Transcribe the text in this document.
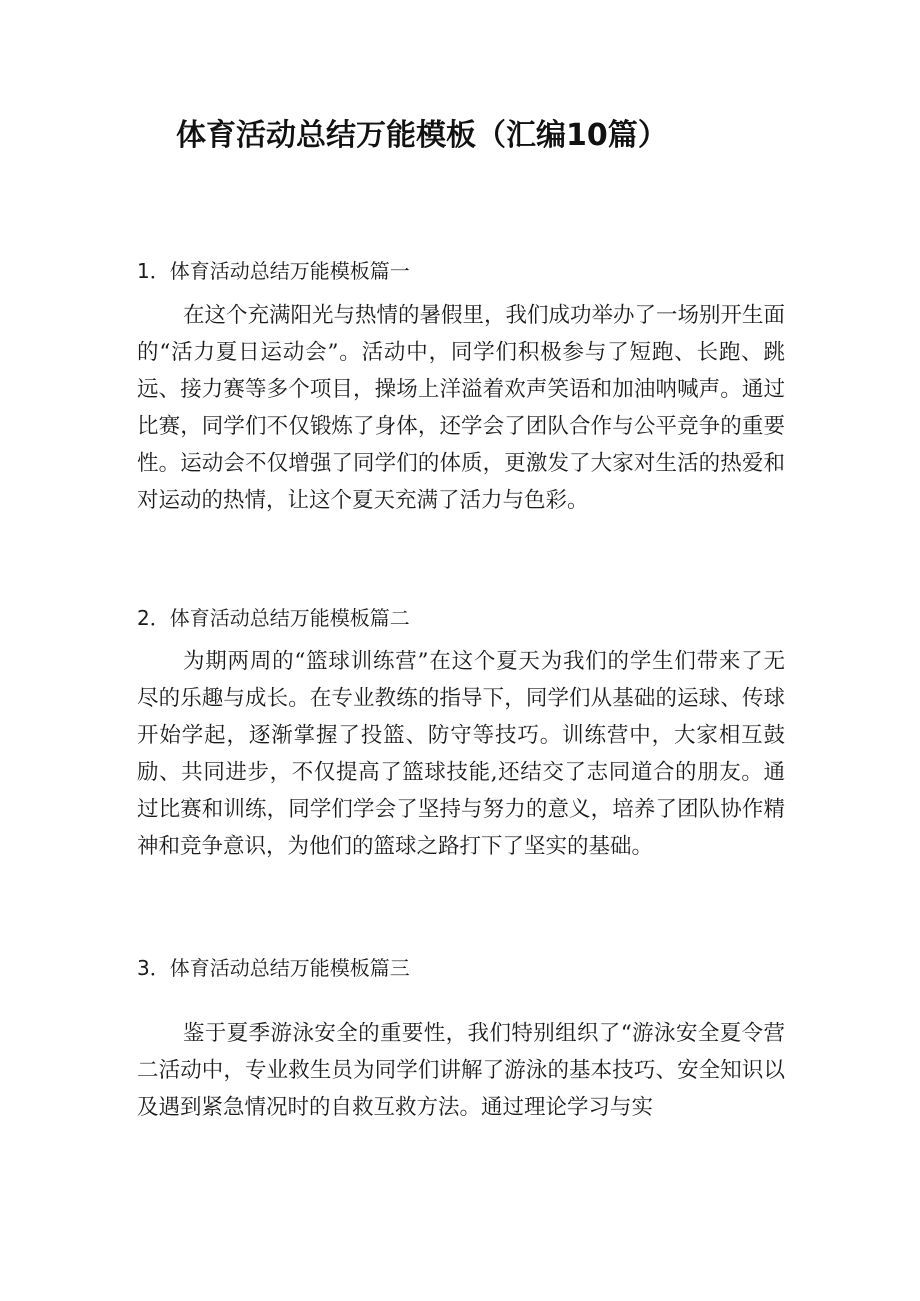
体育活动总结万能模板（汇编10篇）
1．体育活动总结万能模板篇一

在这个充满阳光与热情的暑假里，我们成功举办了一场别开生面的“活力夏日运动会”。活动中，同学们积极参与了短跑、长跑、跳远、接力赛等多个项目，操场上洋溢着欢声笑语和加油呐喊声。通过比赛，同学们不仅锻炼了身体，还学会了团队合作与公平竞争的重要性。运动会不仅增强了同学们的体质，更激发了大家对生活的热爱和对运动的热情，让这个夏天充满了活力与色彩。

2．体育活动总结万能模板篇二

为期两周的“篮球训练营”在这个夏天为我们的学生们带来了无尽的乐趣与成长。在专业教练的指导下，同学们从基础的运球、传球开始学起，逐渐掌握了投篮、防守等技巧。训练营中，大家相互鼓励、共同进步，不仅提高了篮球技能,还结交了志同道合的朋友。通过比赛和训练，同学们学会了坚持与努力的意义，培养了团队协作精神和竞争意识，为他们的篮球之路打下了坚实的基础。

3．体育活动总结万能模板篇三

鉴于夏季游泳安全的重要性，我们特别组织了“游泳安全夏令营二活动中，专业救生员为同学们讲解了游泳的基本技巧、安全知识以及遇到紧急情况时的自救互救方法。通过理论学习与实
